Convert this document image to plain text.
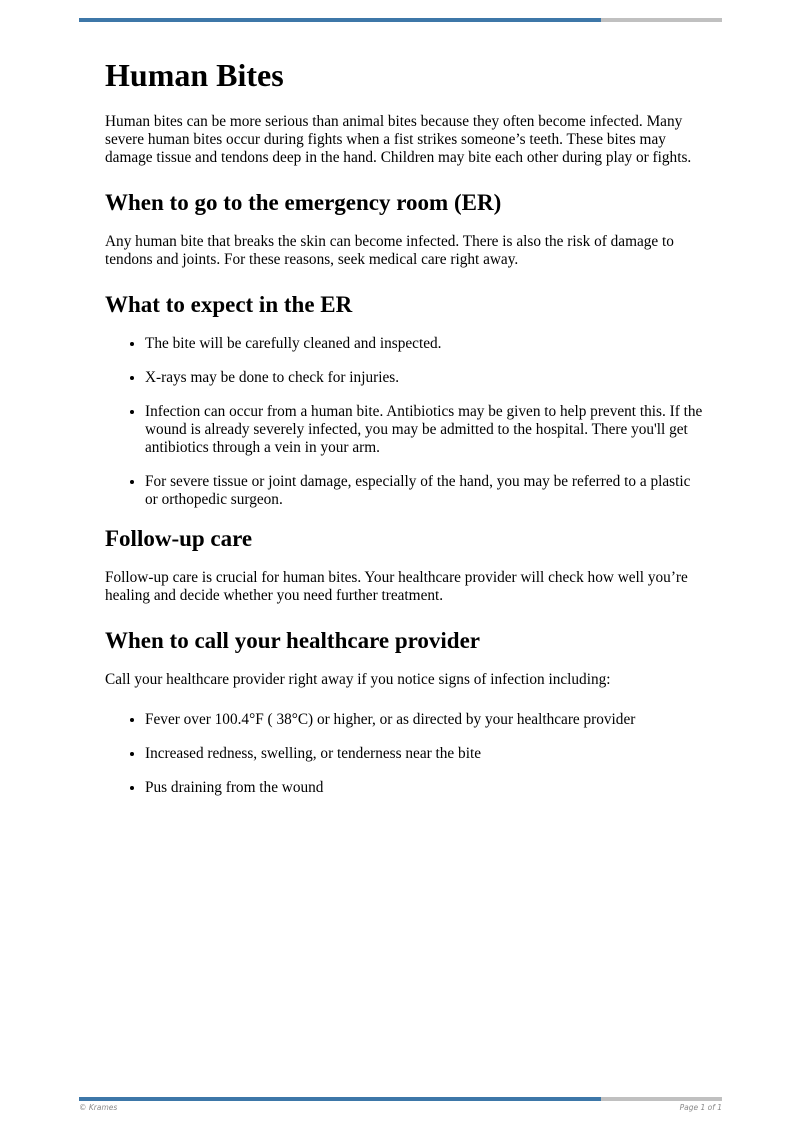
Human Bites

Human bites can be more serious than animal bites because they often become infected. Many severe human bites occur during fights when a fist strikes someone’s teeth. These bites may damage tissue and tendons deep in the hand. Children may bite each other during play or fights.

When to go to the emergency room (ER)

Any human bite that breaks the skin can become infected. There is also the risk of damage to tendons and joints. For these reasons, seek medical care right away.

What to expect in the ER
• The bite will be carefully cleaned and inspected.
• X-rays may be done to check for injuries.
• Infection can occur from a human bite. Antibiotics may be given to help prevent this. If the wound is already severely infected, you may be admitted to the hospital. There you'll get antibiotics through a vein in your arm.
• For severe tissue or joint damage, especially of the hand, you may be referred to a plastic or orthopedic surgeon.
Follow-up care

Follow-up care is crucial for human bites. Your healthcare provider will check how well you’re healing and decide whether you need further treatment.

When to call your healthcare provider

Call your healthcare provider right away if you notice signs of infection including:

• Fever over 100.4°F ( 38°C) or higher, or as directed by your healthcare provider
• Increased redness, swelling, or tenderness near the bite
• Pus draining from the wound
© Krames	Page 1 of 1
